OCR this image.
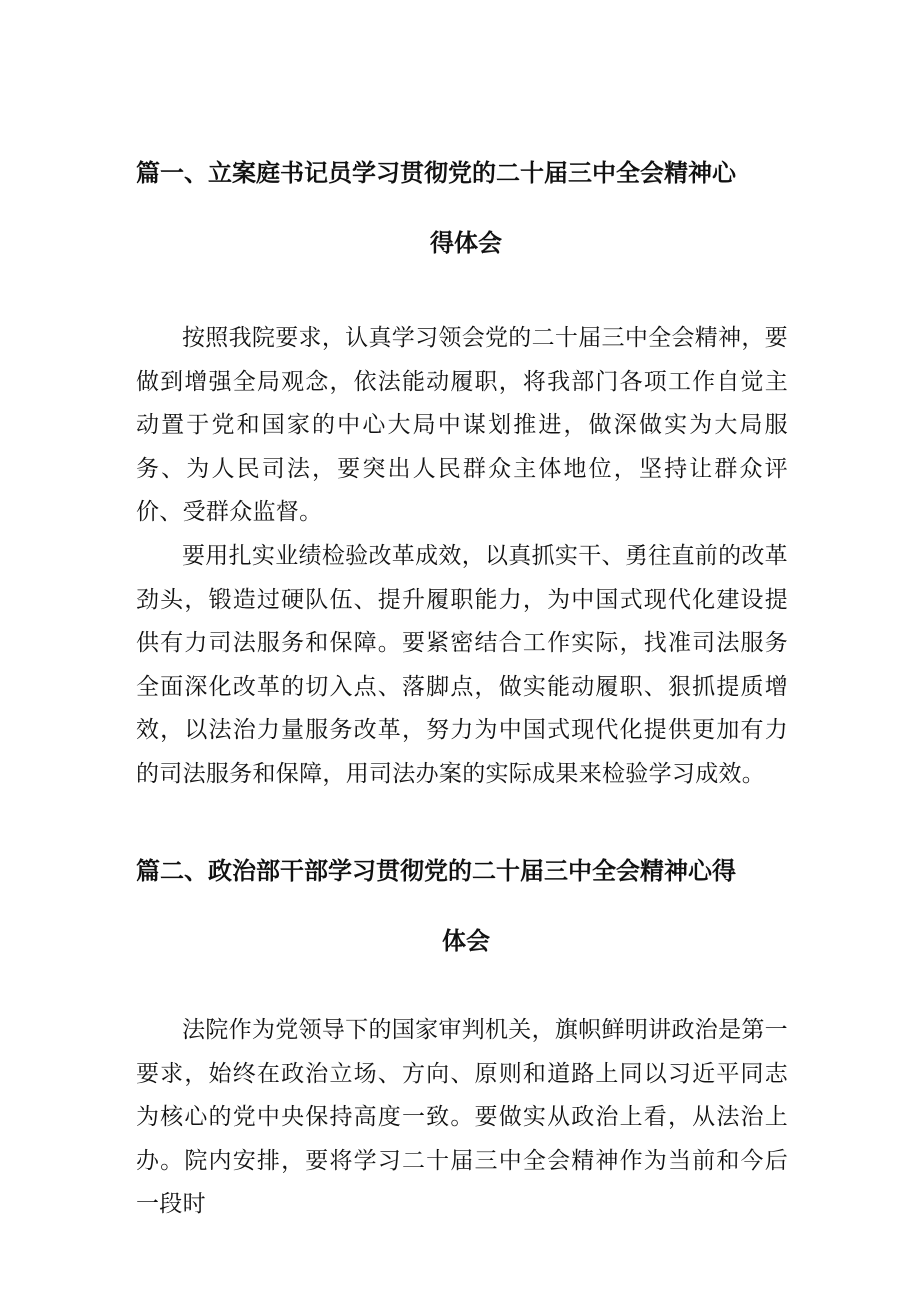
篇一、立案庭书记员学习贯彻党的二十届三中全会精神心
得体会

按照我院要求，认真学习领会党的二十届三中全会精神，要做到增强全局观念，依法能动履职，将我部门各项工作自觉主动置于党和国家的中心大局中谋划推进，做深做实为大局服务、为人民司法，要突出人民群众主体地位，坚持让群众评价、受群众监督。

要用扎实业绩检验改革成效，以真抓实干、勇往直前的改革劲头，锻造过硬队伍、提升履职能力，为中国式现代化建设提供有力司法服务和保障。要紧密结合工作实际，找准司法服务全面深化改革的切入点、落脚点，做实能动履职、狠抓提质增效，以法治力量服务改革，努力为中国式现代化提供更加有力的司法服务和保障，用司法办案的实际成果来检验学习成效。

篇二、政治部干部学习贯彻党的二十届三中全会精神心得
体会

法院作为党领导下的国家审判机关，旗帜鲜明讲政治是第一要求，始终在政治立场、方向、原则和道路上同以习近平同志为核心的党中央保持高度一致。要做实从政治上看，从法治上办。院内安排，要将学习二十届三中全会精神作为当前和今后一段时
